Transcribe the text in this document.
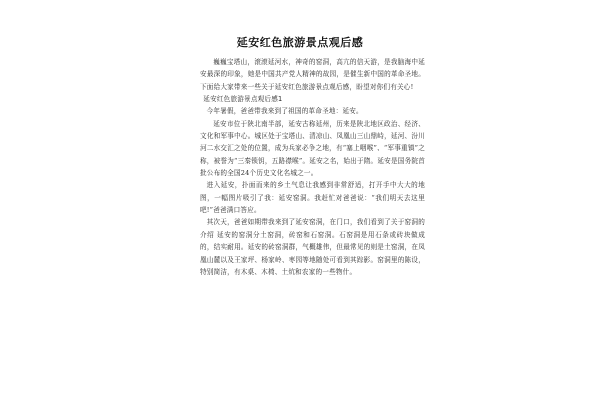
延安红色旅游景点观后感

巍巍宝塔山，滚滚延河水，神奇的窑洞，高亢的信天游，是我脑海中延安最深的印象，她是中国共产党人精神的故园，是催生新中国的革命圣地。下面给大家带来一些关于延安红色旅游景点观后感，盼望对你们有关心!

延安红色旅游景点观后感1

今年暑假，爸爸带我来到了祖国的革命圣地：延安。

延安市位于陕北南半部，延安古称延州，历来是陕北地区政治、经济、文化和军事中心。城区处于宝塔山、清凉山、凤凰山三山鼎峙，延河、汾川河二水交汇之处的位置，成为兵家必争之地，有“塞上咽喉”、“军事重镇”之称，被誉为“三秦锁钥，五路襟喉”。延安之名，始出于隋。延安是国务院首批公布的全国24个历史文化名城之一。

进入延安，扑面而来的乡土气息让我感到非常舒适，打开手中大大的地图，一幅图片吸引了我：延安窑洞。我赶忙对爸爸说：“我们明天去这里吧!”爸爸满口答应。

其次天，爸爸如期带我来到了延安窑洞，在门口，我们看到了关于窑洞的介绍 延安的窑洞分土窑洞，砖窑和石窑洞。石窑洞是用石条或砖块做成的，结实耐用。延安的砖窑洞群，气概雄伟，但最常见的则是土窑洞，在凤凰山麓以及王家坪、杨家岭、枣园等地随处可看到其踪影。窑洞里的陈设，特别简洁，有木桌、木椅、土炕和农家的一些物什。
